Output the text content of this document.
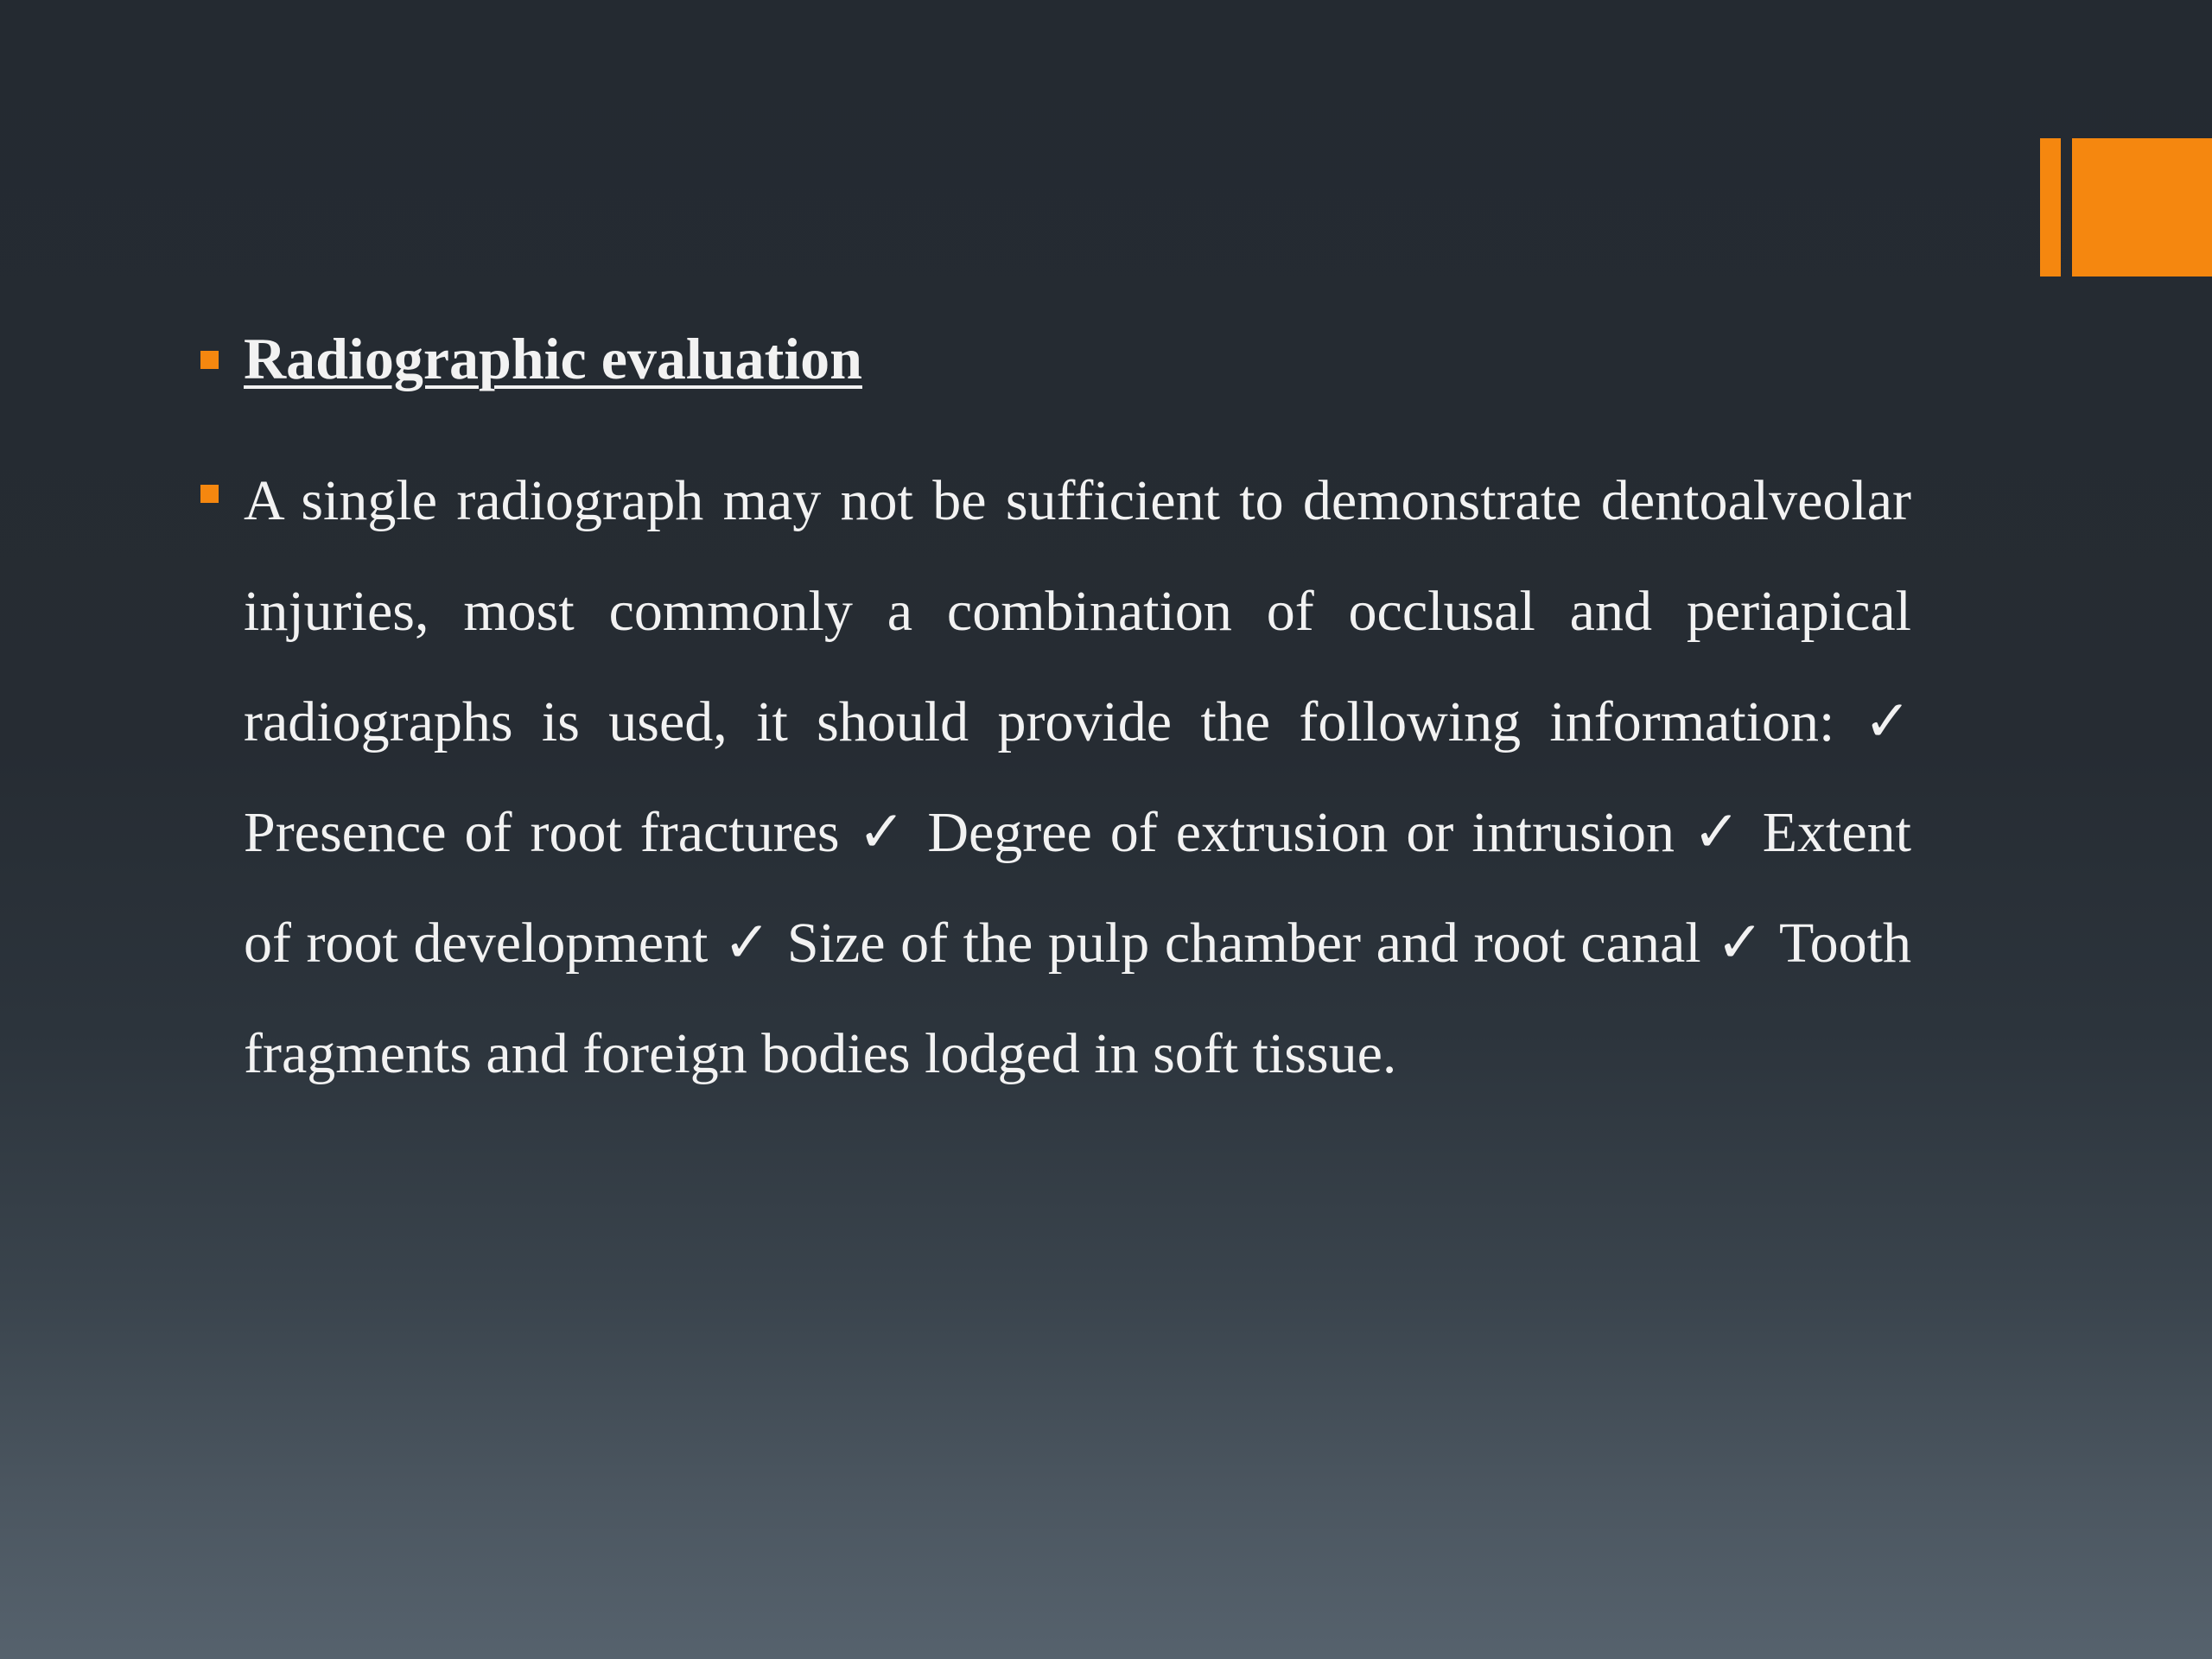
Radiographic evaluation

A single radiograph may not be sufficient to demonstrate dentoalveolar injuries, most commonly a combination of occlusal and periapical radiographs is used, it should provide the following information: ✓ Presence of root fractures ✓ Degree of extrusion or intrusion ✓ Extent of root development ✓ Size of the pulp chamber and root canal ✓ Tooth fragments and foreign bodies lodged in soft tissue.
